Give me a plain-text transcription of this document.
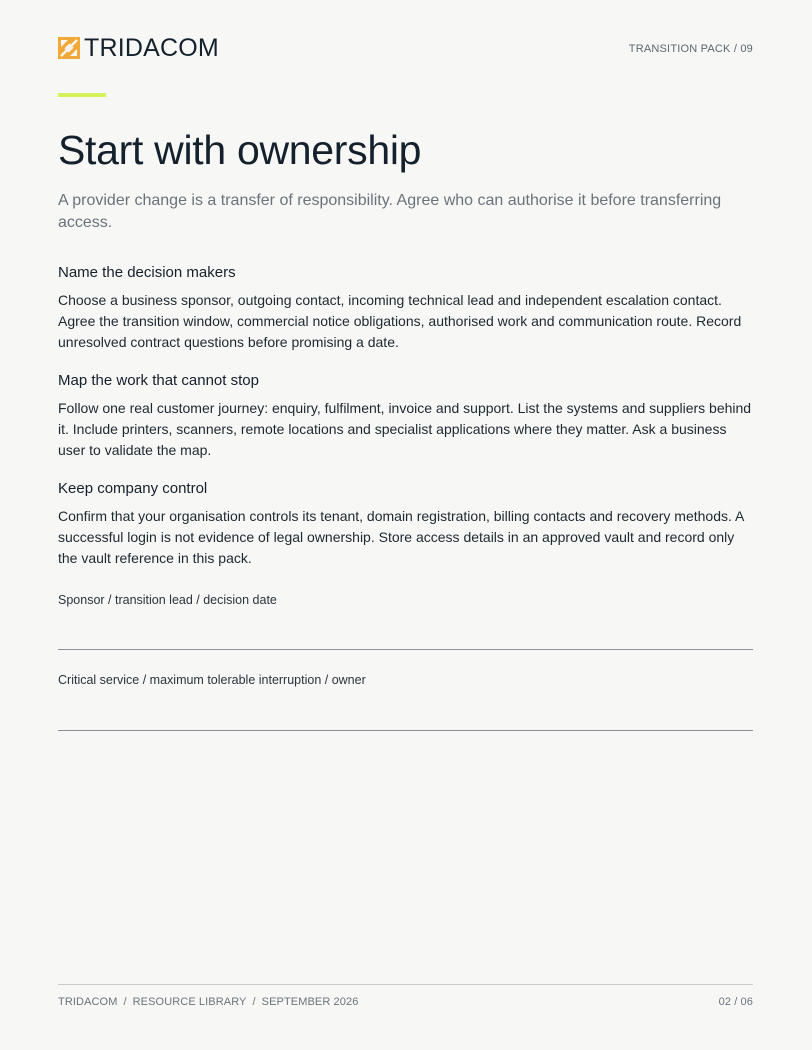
TRIDACOM	TRANSITION PACK / 09
Start with ownership

A provider change is a transfer of responsibility. Agree who can authorise it before transferring access.

Name the decision makers

Choose a business sponsor, outgoing contact, incoming technical lead and independent escalation contact. Agree the transition window, commercial notice obligations, authorised work and communication route. Record unresolved contract questions before promising a date.

Map the work that cannot stop

Follow one real customer journey: enquiry, fulfilment, invoice and support. List the systems and suppliers behind it. Include printers, scanners, remote locations and specialist applications where they matter. Ask a business user to validate the map.

Keep company control

Confirm that your organisation controls its tenant, domain registration, billing contacts and recovery methods. A successful login is not evidence of legal ownership. Store access details in an approved vault and record only the vault reference in this pack.

Sponsor / transition lead / decision date
Critical service / maximum tolerable interruption / owner
TRIDACOM / RESOURCE LIBRARY / SEPTEMBER 2026	02 / 06
